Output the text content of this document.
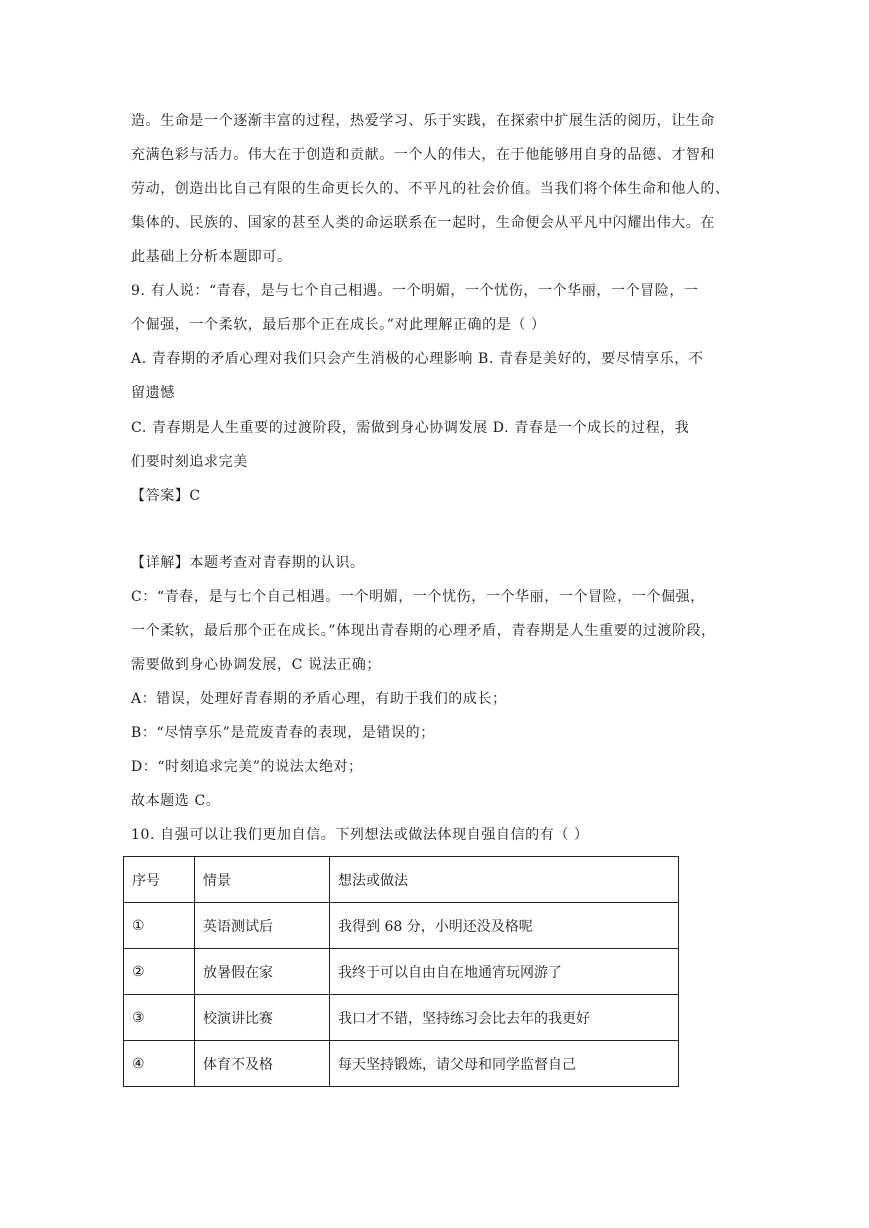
造。生命是一个逐渐丰富的过程，热爱学习、乐于实践，在探索中扩展生活的阅历，让生命
充满色彩与活力。伟大在于创造和贡献。一个人的伟大，在于他能够用自身的品德、才智和
劳动，创造出比自己有限的生命更长久的、不平凡的社会价值。当我们将个体生命和他人的、
集体的、民族的、国家的甚至人类的命运联系在一起时，生命便会从平凡中闪耀出伟大。在
此基础上分析本题即可。
9. 有人说：“青春，是与七个自己相遇。一个明媚，一个忧伤，一个华丽，一个冒险，一
个倔强，一个柔软，最后那个正在成长。”对此理解正确的是（ ）
A. 青春期的矛盾心理对我们只会产生消极的心理影响 B. 青春是美好的，要尽情享乐，不
留遗憾
C. 青春期是人生重要的过渡阶段，需做到身心协调发展 D. 青春是一个成长的过程，我
们要时刻追求完美
【答案】C
【详解】本题考查对青春期的认识。
C：“青春，是与七个自己相遇。一个明媚，一个忧伤，一个华丽，一个冒险，一个倔强，
一个柔软，最后那个正在成长。”体现出青春期的心理矛盾，青春期是人生重要的过渡阶段，
需要做到身心协调发展，C 说法正确；
A：错误，处理好青春期的矛盾心理，有助于我们的成长；
B：“尽情享乐”是荒废青春的表现，是错误的；
D：“时刻追求完美”的说法太绝对；
故本题选 C。
10. 自强可以让我们更加自信。下列想法或做法体现自强自信的有（ ）
序号	情景	想法或做法
①	英语测试后	我得到 68 分，小明还没及格呢
②	放暑假在家	我终于可以自由自在地通宵玩网游了
③	校演讲比赛	我口才不错，坚持练习会比去年的我更好
④	体育不及格	每天坚持锻炼，请父母和同学监督自己
